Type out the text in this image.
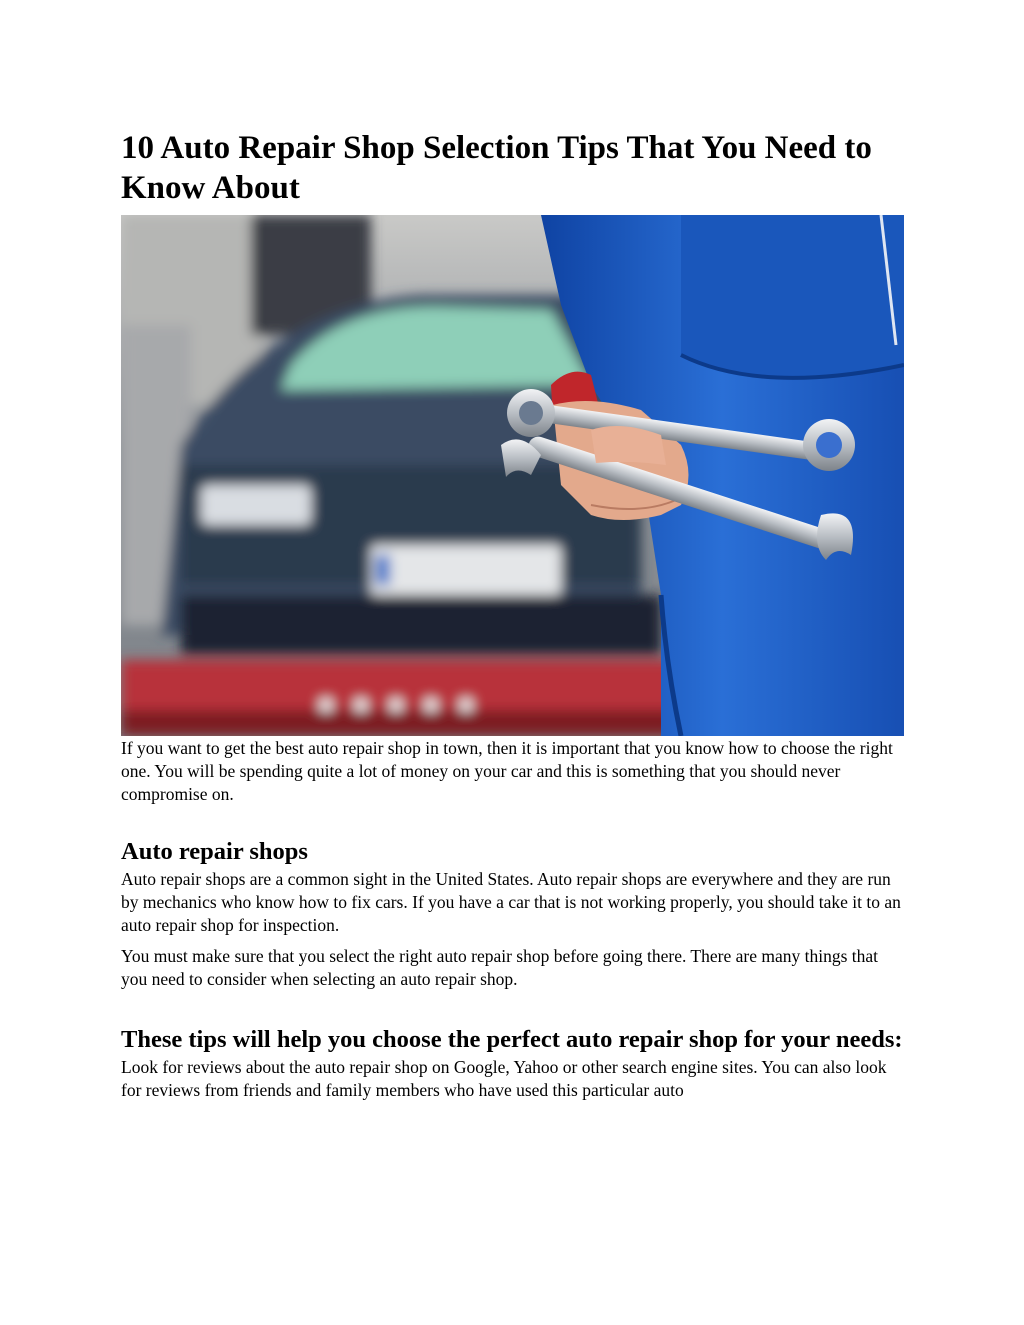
10 Auto Repair Shop Selection Tips That You Need to Know About

If you want to get the best auto repair shop in town, then it is important that you know how to choose the right one. You will be spending quite a lot of money on your car and this is something that you should never compromise on.

Auto repair shops

Auto repair shops are a common sight in the United States. Auto repair shops are everywhere and they are run by mechanics who know how to fix cars. If you have a car that is not working properly, you should take it to an auto repair shop for inspection.

You must make sure that you select the right auto repair shop before going there. There are many things that you need to consider when selecting an auto repair shop.

These tips will help you choose the perfect auto repair shop for your needs:

Look for reviews about the auto repair shop on Google, Yahoo or other search engine sites. You can also look for reviews from friends and family members who have used this particular auto
